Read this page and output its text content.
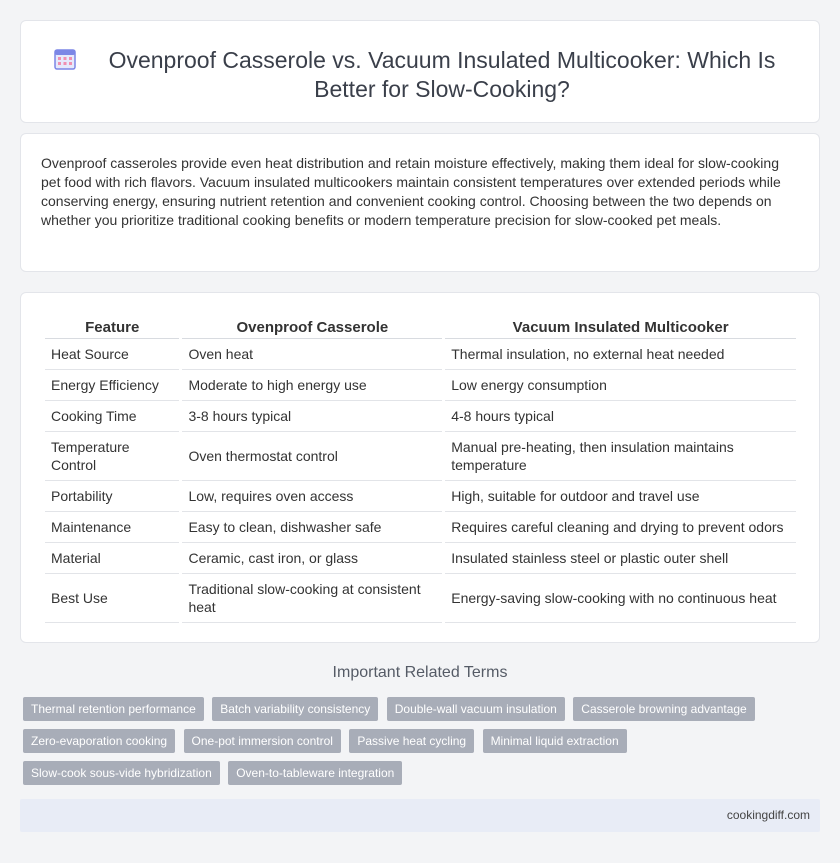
Ovenproof Casserole vs. Vacuum Insulated Multicooker: Which Is Better for Slow-Cooking?

Ovenproof casseroles provide even heat distribution and retain moisture effectively, making them ideal for slow-cooking pet food with rich flavors. Vacuum insulated multicookers maintain consistent temperatures over extended periods while conserving energy, ensuring nutrient retention and convenient cooking control. Choosing between the two depends on whether you prioritize traditional cooking benefits or modern temperature precision for slow-cooked pet meals.

Feature	Ovenproof Casserole	Vacuum Insulated Multicooker
Heat Source	Oven heat	Thermal insulation, no external heat needed
Energy Efficiency	Moderate to high energy use	Low energy consumption
Cooking Time	3-8 hours typical	4-8 hours typical
Temperature Control	Oven thermostat control	Manual pre-heating, then insulation maintains temperature
Portability	Low, requires oven access	High, suitable for outdoor and travel use
Maintenance	Easy to clean, dishwasher safe	Requires careful cleaning and drying to prevent odors
Material	Ceramic, cast iron, or glass	Insulated stainless steel or plastic outer shell
Best Use	Traditional slow-cooking at consistent heat	Energy-saving slow-cooking with no continuous heat
Important Related Terms
Thermal retention performance Batch variability consistency Double-wall vacuum insulation Casserole browning advantage
Zero-evaporation cooking One-pot immersion control Passive heat cycling Minimal liquid extraction
Slow-cook sous-vide hybridization Oven-to-tableware integration
cookingdiff.com
